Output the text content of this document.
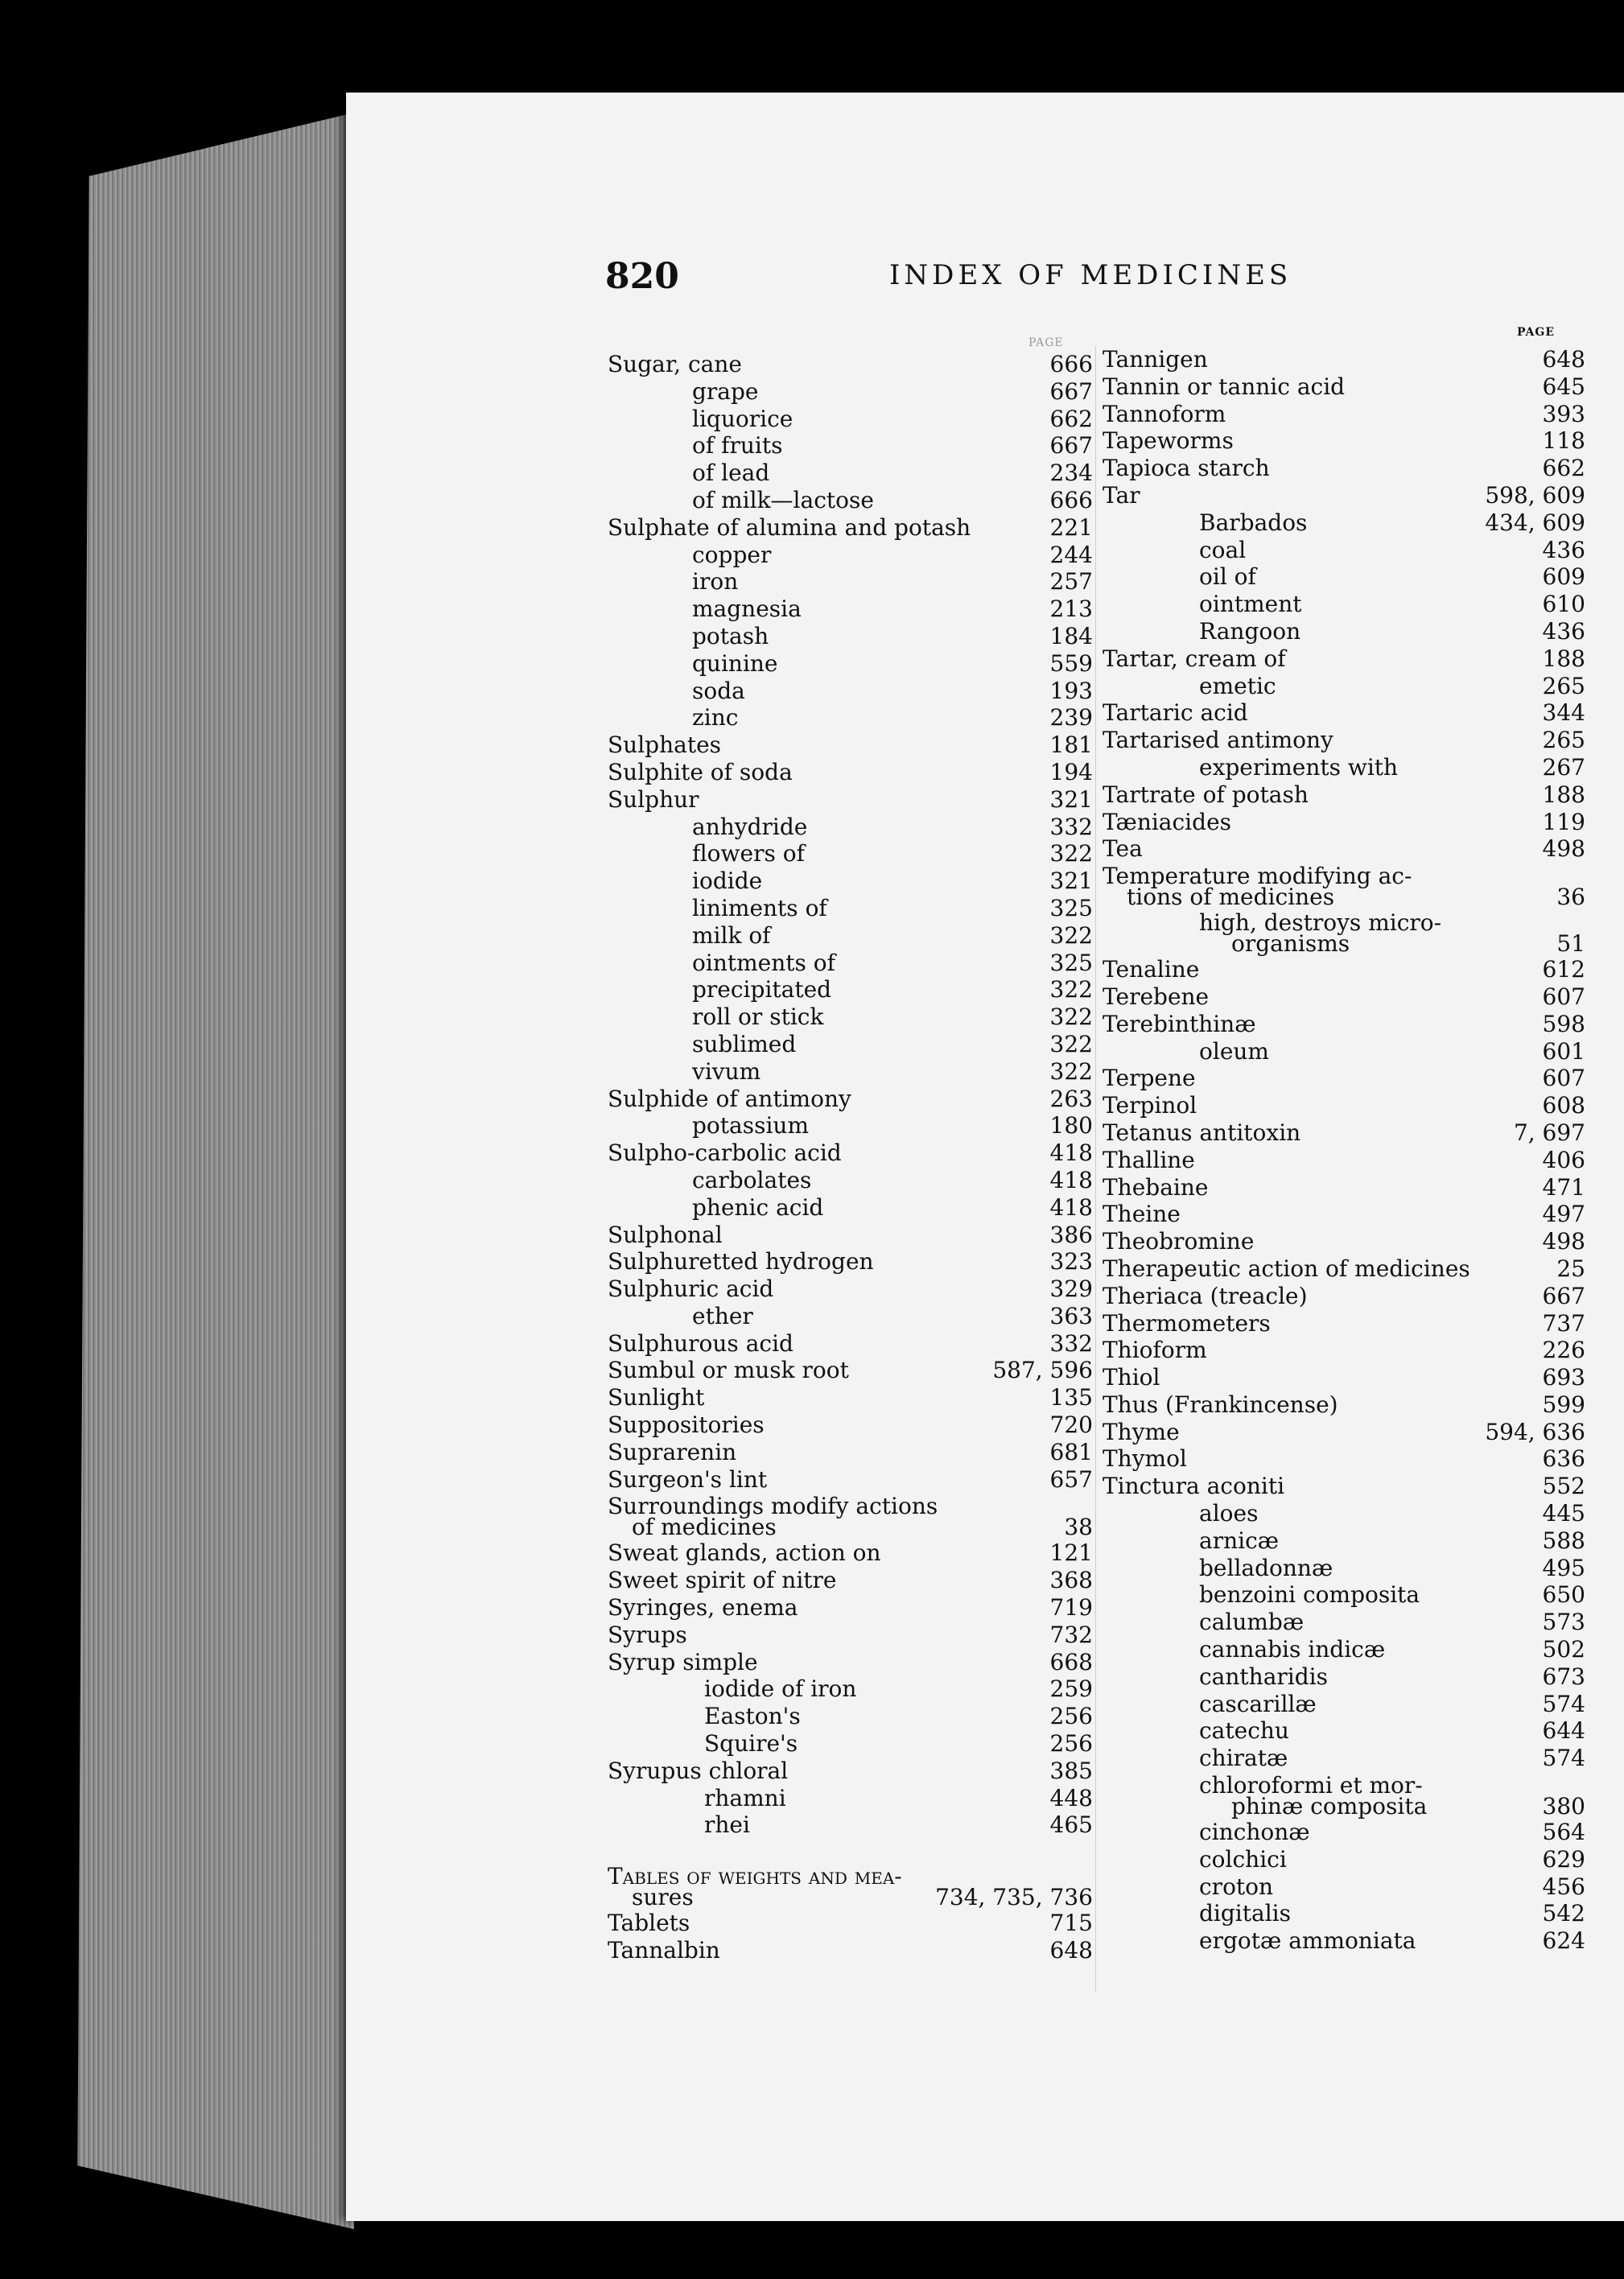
820	INDEX OF MEDICINES
PAGE
PAGE
Sugar, cane	666
grape	667
liquorice	662
of fruits	667
of lead	234
of milk—lactose	666
Sulphate of alumina and potash	221
copper	244
iron	257
magnesia	213
potash	184
quinine	559
soda	193
zinc	239
Sulphates	181
Sulphite of soda	194
Sulphur	321
anhydride	332
flowers of	322
iodide	321
liniments of	325
milk of	322
ointments of	325
precipitated	322
roll or stick	322
sublimed	322
vivum	322
Sulphide of antimony	263
potassium	180
Sulpho-carbolic acid	418
carbolates	418
phenic acid	418
Sulphonal	386
Sulphuretted hydrogen	323
Sulphuric acid	329
ether	363
Sulphurous acid	332
Sumbul or musk root	587, 596
Sunlight	135
Suppositories	720
Suprarenin	681
Surgeon's lint	657
Surroundings modify actions
of medicines	38
Sweat glands, action on	121
Sweet spirit of nitre	368
Syringes, enema	719
Syrups	732
Syrup simple	668
iodide of iron	259
Easton's	256
Squire's	256
Syrupus chloral	385
rhamni	448
rhei	465
Tables of weights and mea-
sures	734, 735, 736
Tablets	715
Tannalbin	648
Tannigen	648
Tannin or tannic acid	645
Tannoform	393
Tapeworms	118
Tapioca starch	662
Tar	598, 609
Barbados	434, 609
coal	436
oil of	609
ointment	610
Rangoon	436
Tartar, cream of	188
emetic	265
Tartaric acid	344
Tartarised antimony	265
experiments with	267
Tartrate of potash	188
Tæniacides	119
Tea	498
Temperature modifying ac-
tions of medicines	36
high, destroys micro-
organisms	51
Tenaline	612
Terebene	607
Terebinthinæ	598
oleum	601
Terpene	607
Terpinol	608
Tetanus antitoxin	7, 697
Thalline	406
Thebaine	471
Theine	497
Theobromine	498
Therapeutic action of medicines	25
Theriaca (treacle)	667
Thermometers	737
Thioform	226
Thiol	693
Thus (Frankincense)	599
Thyme	594, 636
Thymol	636
Tinctura aconiti	552
aloes	445
arnicæ	588
belladonnæ	495
benzoini composita	650
calumbæ	573
cannabis indicæ	502
cantharidis	673
cascarillæ	574
catechu	644
chiratæ	574
chloroformi et mor-
phinæ composita	380
cinchonæ	564
colchici	629
croton	456
digitalis	542
ergotæ ammoniata	624
